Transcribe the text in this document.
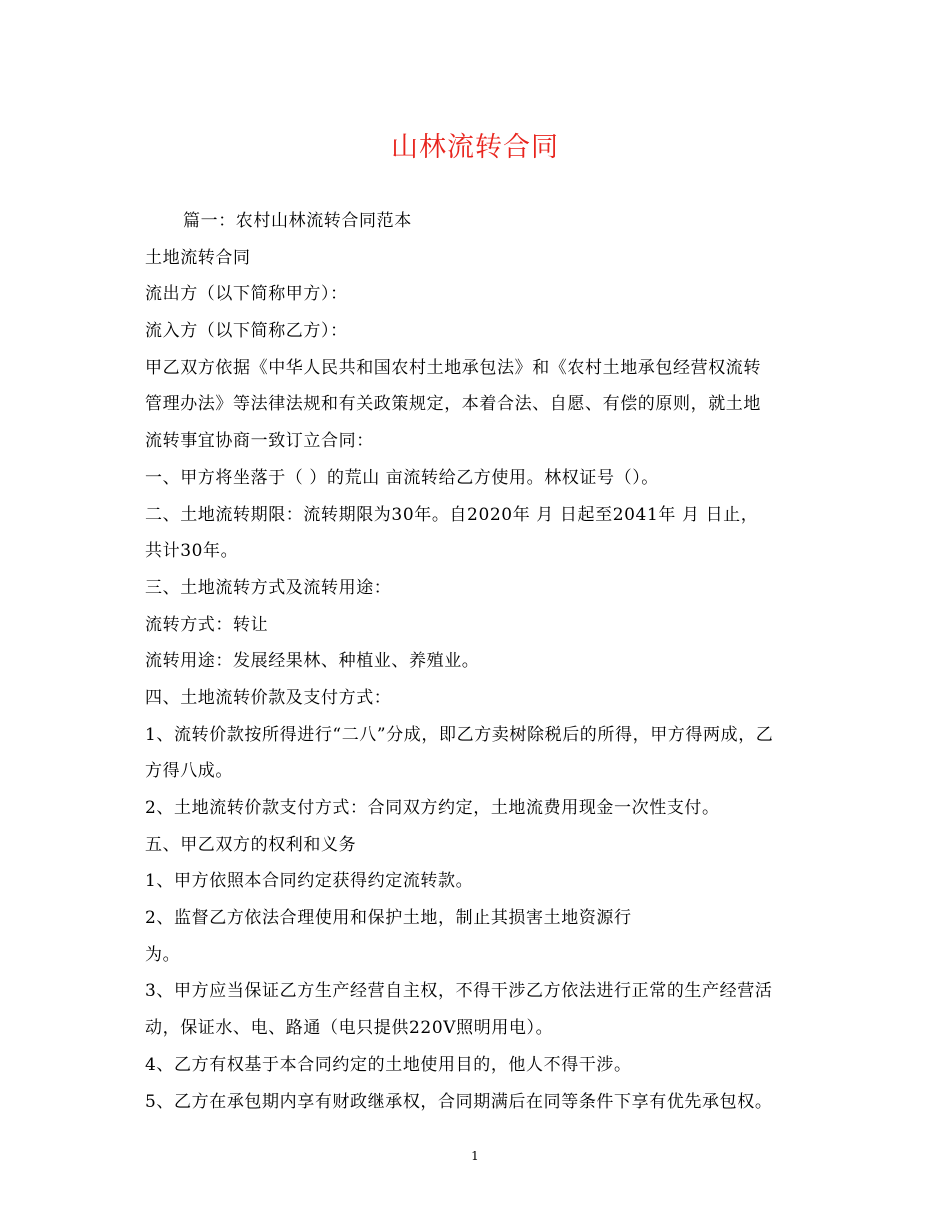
山林流转合同
篇一：农村山林流转合同范本
土地流转合同
流出方（以下简称甲方）：
流入方（以下简称乙方）：
甲乙双方依据《中华人民共和国农村土地承包法》和《农村土地承包经营权流转
管理办法》等法律法规和有关政策规定，本着合法、自愿、有偿的原则，就土地
流转事宜协商一致订立合同：
一、甲方将坐落于（ ）的荒山 亩流转给乙方使用。林权证号（）。
二、土地流转期限：流转期限为30年。自2020年 月 日起至2041年 月 日止，
共计30年。
三、土地流转方式及流转用途：
流转方式：转让
流转用途：发展经果林、种植业、养殖业。
四、土地流转价款及支付方式：
1、流转价款按所得进行“二八”分成，即乙方卖树除税后的所得，甲方得两成，乙
方得八成。
2、土地流转价款支付方式：合同双方约定，土地流费用现金一次性支付。
五、甲乙双方的权利和义务
1、甲方依照本合同约定获得约定流转款。
2、监督乙方依法合理使用和保护土地，制止其损害土地资源行
为。
3、甲方应当保证乙方生产经营自主权，不得干涉乙方依法进行正常的生产经营活
动，保证水、电、路通（电只提供220V照明用电）。
4、乙方有权基于本合同约定的土地使用目的，他人不得干涉。
5、乙方在承包期内享有财政继承权，合同期满后在同等条件下享有优先承包权。
1
